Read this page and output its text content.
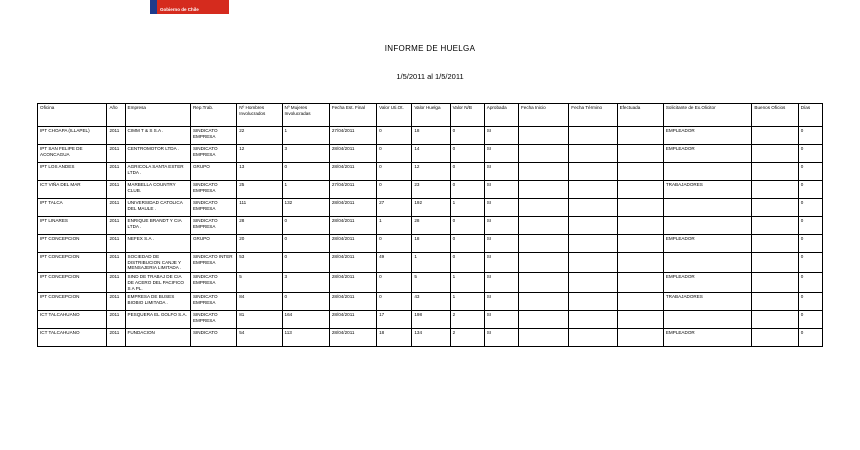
Gobierno de Chile
INFORME DE HUELGA
1/5/2011 al 1/5/2011
Oficina	Año	Empresa	Rep.Trab.	Nº Hombres Involucrados	Nº Mujeres Involucradas	Fecha Est. Final	Valor Uti.Ot.	Valor Huelga	Valor N/B	Aprobada	Fecha Inicio	Fecha Término	Efectuada	Solicitante de Ex.Olicitor	Buenos Oficios	Días
IPT CHOAPA (ILLAPEL)	2011	CIMM T & S S.A .	SINDICATO EMPRESA	22	1	27/04/2011	0	18	0	SI				EMPLEADOR		0
IPT SAN FELIPE DE ACONCAGUA	2011	CENTROMOTOR LTDA .	SINDICATO EMPRESA	12	3	28/04/2011	0	14	0	SI				EMPLEADOR		0
IPT LOS ANDES	2011	AGRICOLA SANTA ESTER LTDA .	GRUPO	13	0	28/04/2011	0	12	0	SI						0
ICT VIÑA DEL MAR	2011	MARBELLA COUNTRY CLUB.	SINDICATO EMPRESA	25	1	27/04/2011	0	23	0	SI				TRABAJADORES		0
IPT TALCA	2011	UNIVERSIDAD CATOLICA DEL MAULE .	SINDICATO EMPRESA	111	132	28/04/2011	27	192	1	SI						0
IPT LINARES	2011	ENRIQUE BRANDT Y CIA LTDA .	SINDICATO EMPRESA	28	0	28/04/2011	1	28	0	SI						0
IPT CONCEPCION	2011	NEFEX S.A .	GRUPO	20	0	28/04/2011	0	18	0	SI				EMPLEADOR		0
IPT CONCEPCION	2011	SOCIEDAD DE DISTRIBUCION CANJE Y MENSAJERIA LIMITADA .	SINDICATO INTER EMPRESA	53	0	28/04/2011	49	1	0	SI						0
IPT CONCEPCION	2011	SIND DE TRABAJ DE CIA DE ACERO DEL PACIFICO S A PL.	SINDICATO EMPRESA	5	3	28/04/2011	0	5	1	SI				EMPLEADOR		0
IPT CONCEPCION	2011	EMPRESA DE BUSES BIOBIO LIMITADA .	SINDICATO EMPRESA	84	0	28/04/2011	0	43	1	SI				TRABAJADORES		0
ICT TALCAHUANO	2011	PESQUERA EL GOLFO S.A.	SINDICATO EMPRESA	81	164	28/04/2011	17	198	2	SI						0
ICT TALCAHUANO	2011	FUNDACION	SINDICATO	54	113	28/04/2011	18	134	2	SI				EMPLEADOR		0
